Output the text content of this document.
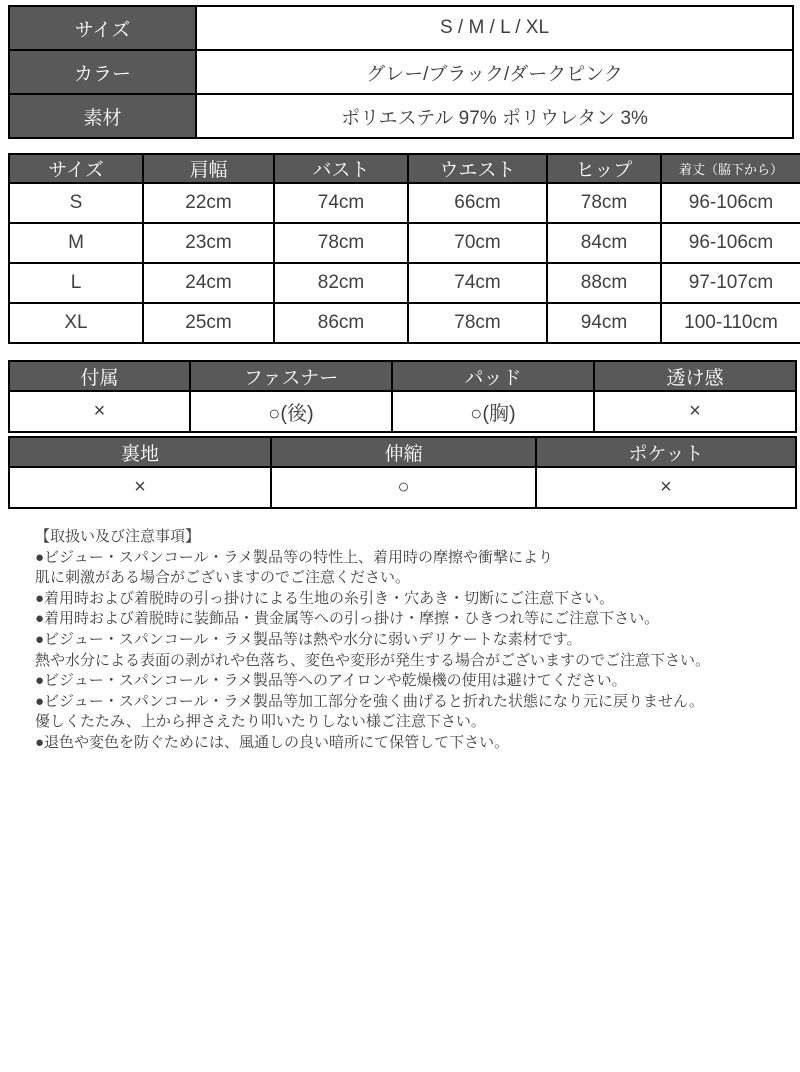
サイズ	S / M / L / XL
カラー	グレー/ブラック/ダークピンク
素材	ポリエステル 97% ポリウレタン 3%
サイズ	肩幅	バスト	ウエスト	ヒップ	着丈（脇下から）
S	22cm	74cm	66cm	78cm	96-106cm
M	23cm	78cm	70cm	84cm	96-106cm
L	24cm	82cm	74cm	88cm	97-107cm
XL	25cm	86cm	78cm	94cm	100-110cm
付属	ファスナー	パッド	透け感
×	○(後)	○(胸)	×
裏地	伸縮	ポケット
×	○	×
【取扱い及び注意事項】
●ビジュー・スパンコール・ラメ製品等の特性上、着用時の摩擦や衝撃により
肌に刺激がある場合がございますのでご注意ください。
●着用時および着脱時の引っ掛けによる生地の糸引き・穴あき・切断にご注意下さい。
●着用時および着脱時に装飾品・貴金属等への引っ掛け・摩擦・ひきつれ等にご注意下さい。
●ビジュー・スパンコール・ラメ製品等は熱や水分に弱いデリケートな素材です。
熱や水分による表面の剥がれや色落ち、変色や変形が発生する場合がございますのでご注意下さい。
●ビジュー・スパンコール・ラメ製品等へのアイロンや乾燥機の使用は避けてください。
●ビジュー・スパンコール・ラメ製品等加工部分を強く曲げると折れた状態になり元に戻りません。
優しくたたみ、上から押さえたり叩いたりしない様ご注意下さい。
●退色や変色を防ぐためには、風通しの良い暗所にて保管して下さい。
